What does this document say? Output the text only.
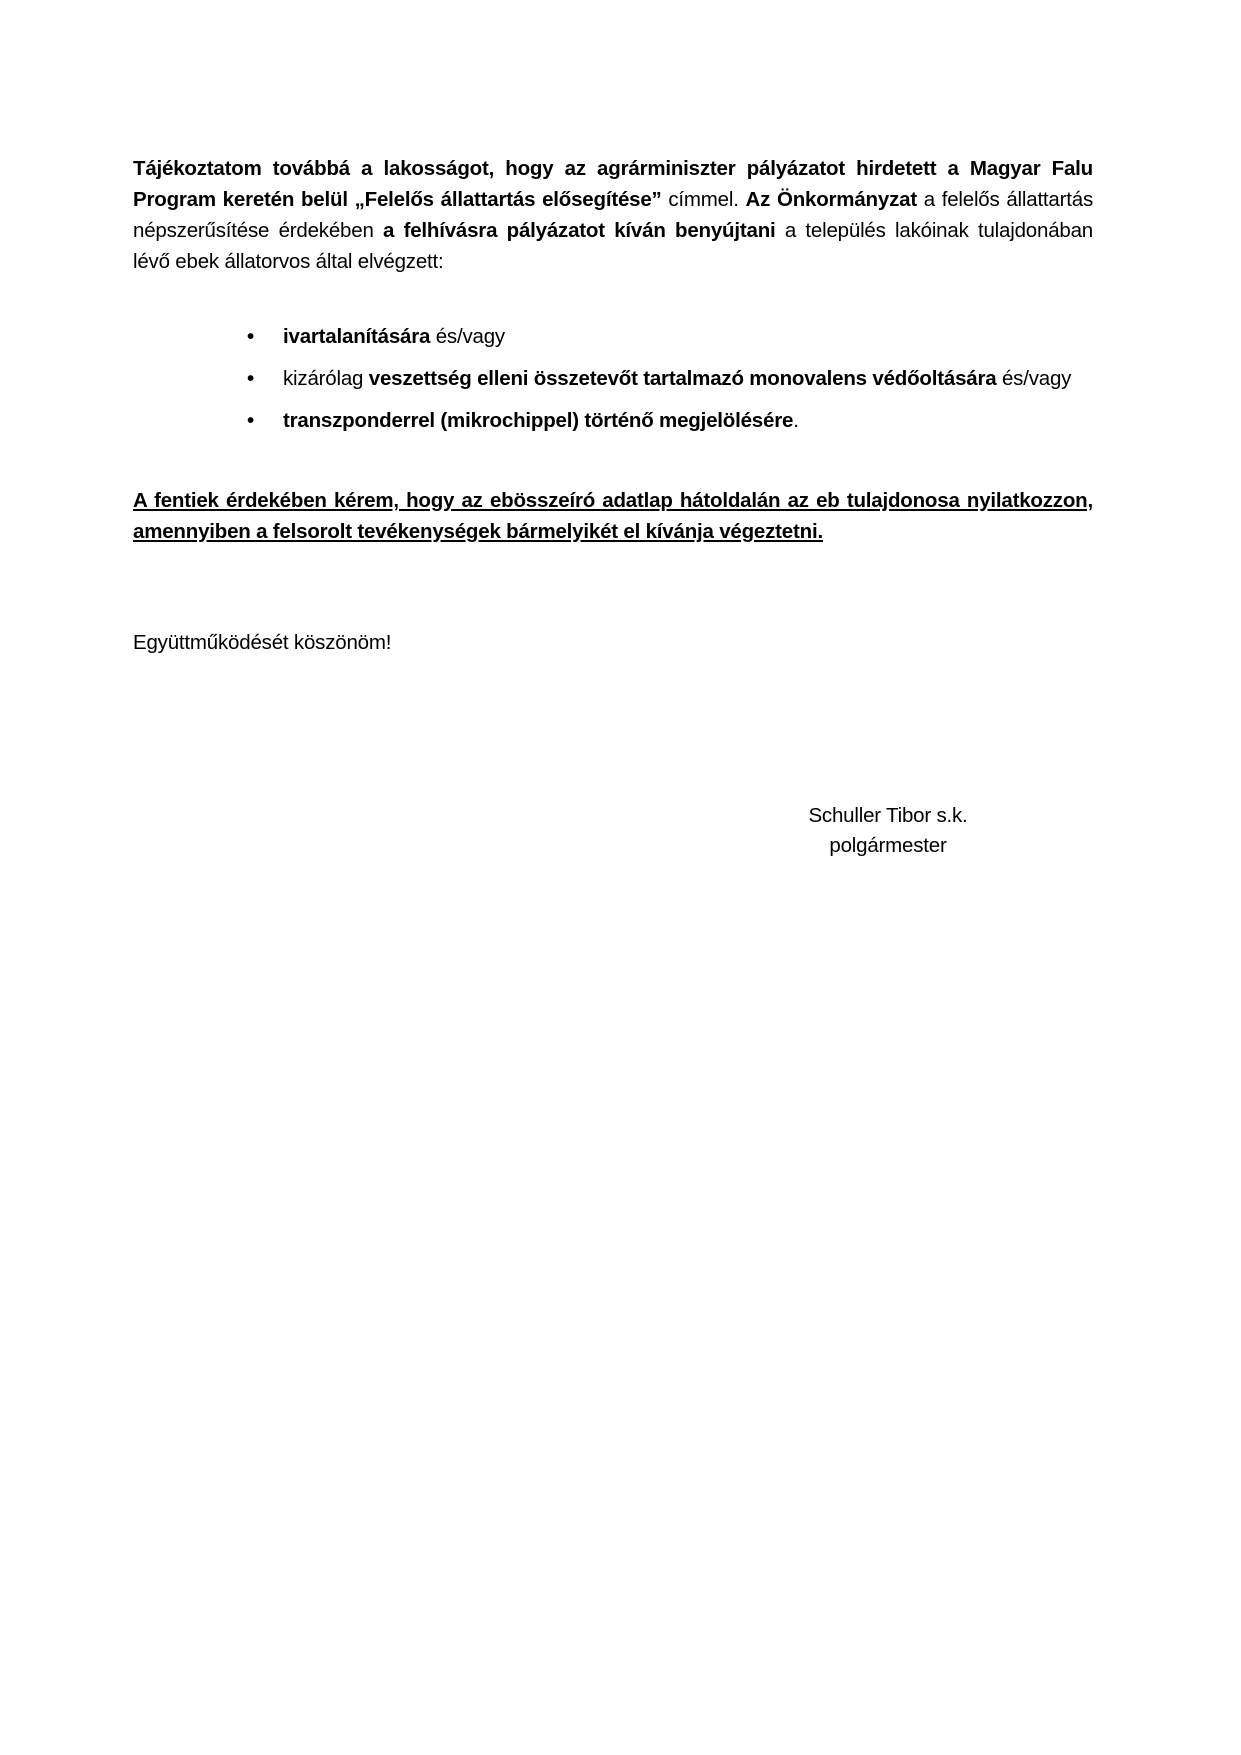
Tájékoztatom továbbá a lakosságot, hogy az agrárminiszter pályázatot hirdetett a Magyar Falu Program keretén belül „Felelős állattartás elősegítése” címmel. Az Önkormányzat a felelős állattartás népszerűsítése érdekében a felhívásra pályázatot kíván benyújtani a település lakóinak tulajdonában lévő ebek állatorvos által elvégzett:

•	ivartalanítására és/vagy
•	kizárólag veszettség elleni összetevőt tartalmazó monovalens védőoltására és/vagy
•	transzponderrel (mikrochippel) történő megjelölésére.

A fentiek érdekében kérem, hogy az ebösszeíró adatlap hátoldalán az eb tulajdonosa nyilatkozzon, amennyiben a felsorolt tevékenységek bármelyikét el kívánja végeztetni.

Együttműködését köszönöm!

Schuller Tibor s.k.
polgármester
